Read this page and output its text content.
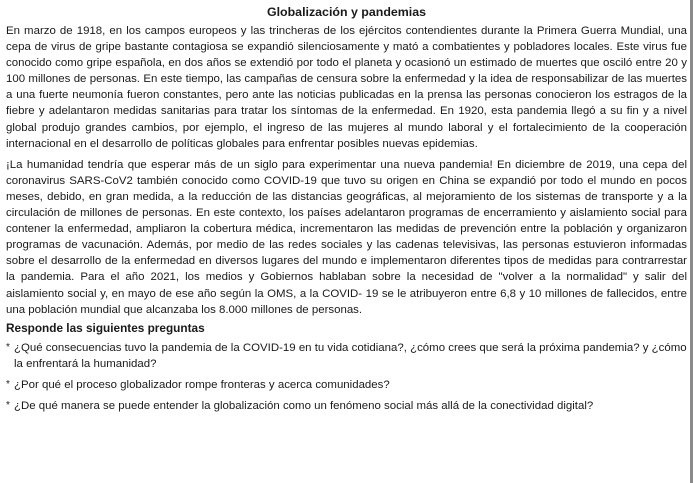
Globalización y pandemias

En marzo de 1918, en los campos europeos y las trincheras de los ejércitos contendientes durante la Primera Guerra Mundial, una cepa de virus de gripe bastante contagiosa se expandió silenciosamente y mató a combatientes y pobladores locales. Este virus fue conocido como gripe española, en dos años se extendió por todo el planeta y ocasionó un estimado de muertes que osciló entre 20 y 100 millones de personas. En este tiempo, las campañas de censura sobre la enfermedad y la idea de responsabilizar de las muertes a una fuerte neumonía fueron constantes, pero ante las noticias publicadas en la prensa las personas conocieron los estragos de la fiebre y adelantaron medidas sanitarias para tratar los síntomas de la enfermedad. En 1920, esta pandemia llegó a su fin y a nivel global produjo grandes cambios, por ejemplo, el ingreso de las mujeres al mundo laboral y el fortalecimiento de la cooperación internacional en el desarrollo de políticas globales para enfrentar posibles nuevas epidemias.

¡La humanidad tendría que esperar más de un siglo para experimentar una nueva pandemia! En diciembre de 2019, una cepa del coronavirus SARS-CoV2 también conocido como COVID-19 que tuvo su origen en China se expandió por todo el mundo en pocos meses, debido, en gran medida, a la reducción de las distancias geográficas, al mejoramiento de los sistemas de transporte y a la circulación de millones de personas. En este contexto, los países adelantaron programas de encerramiento y aislamiento social para contener la enfermedad, ampliaron la cobertura médica, incrementaron las medidas de prevención entre la población y organizaron programas de vacunación. Además, por medio de las redes sociales y las cadenas televisivas, las personas estuvieron informadas sobre el desarrollo de la enfermedad en diversos lugares del mundo e implementaron diferentes tipos de medidas para contrarrestar la pandemia. Para el año 2021, los medios y Gobiernos hablaban sobre la necesidad de "volver a la normalidad" y salir del aislamiento social y, en mayo de ese año según la OMS, a la COVID- 19 se le atribuyeron entre 6,8 y 10 millones de fallecidos, entre una población mundial que alcanzaba los 8.000 millones de personas.

Responde las siguientes preguntas
* ¿Qué consecuencias tuvo la pandemia de la COVID-19 en tu vida cotidiana?, ¿cómo crees que será la próxima pandemia? y ¿cómo la enfrentará la humanidad?
* ¿Por qué el proceso globalizador rompe fronteras y acerca comunidades?
* ¿De qué manera se puede entender la globalización como un fenómeno social más allá de la conectividad digital?
